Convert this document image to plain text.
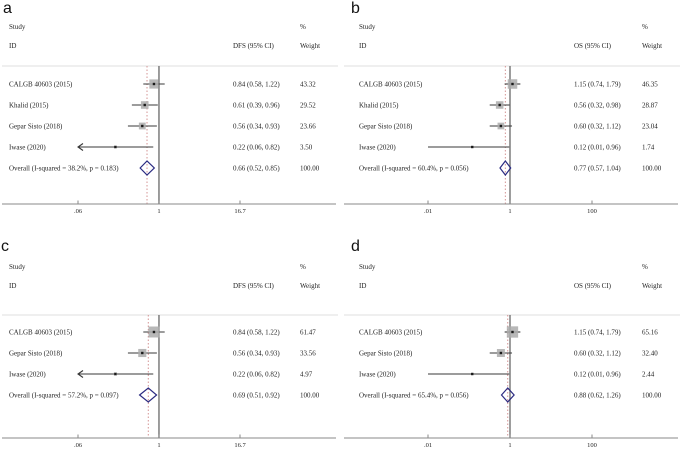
a
Study
ID
%
DFS (95% CI)	Weight
CALGB 40603 (2015)	0.84 (0.58, 1.22)	43.32
Khalid (2015)	0.61 (0.39, 0.96)	29.52
Gepar Sisto (2018)	0.56 (0.34, 0.93)	23.66
Iwase (2020)	0.22 (0.06, 0.82)	3.50
Overall (I-squared = 38.2%, p = 0.183)	0.66 (0.52, 0.85)	100.00
.06	1	16.7
b
Study
ID
%
OS (95% CI)	Weight
CALGB 40603 (2015)	1.15 (0.74, 1.79)	46.35
Khalid (2015)	0.56 (0.32, 0.98)	28.87
Gepar Sisto (2018)	0.60 (0.32, 1.12)	23.04
Iwase (2020)	0.12 (0.01, 0.96)	1.74
Overall (I-squared = 60.4%, p = 0.056)	0.77 (0.57, 1.04)	100.00
.01	1	100
c
Study
ID
%
DFS (95% CI)	Weight
CALGB 40603 (2015)	0.84 (0.58, 1.22)	61.47
Gepar Sisto (2018)	0.56 (0.34, 0.93)	33.56
Iwase (2020)	0.22 (0.06, 0.82)	4.97
Overall (I-squared = 57.2%, p = 0.097)	0.69 (0.51, 0.92)	100.00
.06	1	16.7
d
Study
ID
%
OS (95% CI)	Weight
CALGB 40603 (2015)	1.15 (0.74, 1.79)	65.16
Gepar Sisto (2018)	0.60 (0.32, 1.12)	32.40
Iwase (2020)	0.12 (0.01, 0.96)	2.44
Overall (I-squared = 65.4%, p = 0.056)	0.88 (0.62, 1.26)	100.00
.01	1	100
